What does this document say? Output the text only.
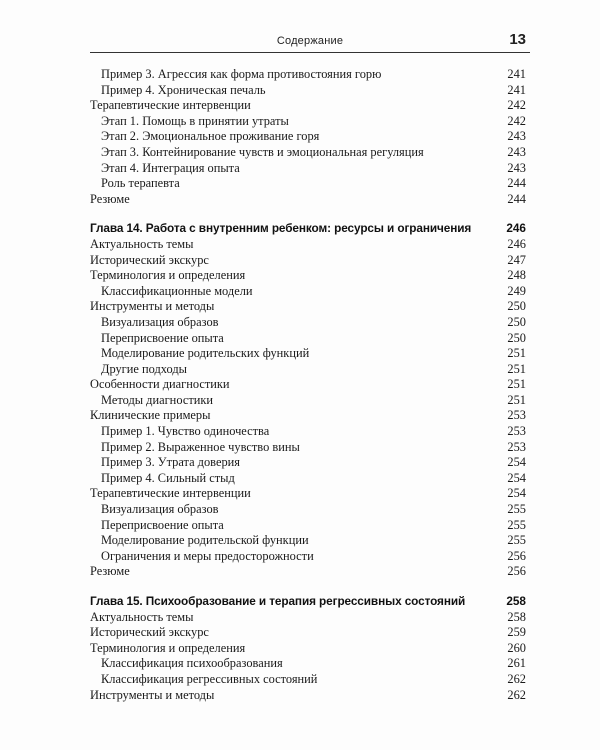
Содержание	13
Пример 3. Агрессия как форма противостояния горю	241
Пример 4. Хроническая печаль	241
Терапевтические интервенции	242
Этап 1. Помощь в принятии утраты	242
Этап 2. Эмоциональное проживание горя	243
Этап 3. Контейнирование чувств и эмоциональная регуляция	243
Этап 4. Интеграция опыта	243
Роль терапевта	244
Резюме	244
Глава 14. Работа с внутренним ребенком: ресурсы и ограничения	246
Актуальность темы	246
Исторический экскурс	247
Терминология и определения	248
Классификационные модели	249
Инструменты и методы	250
Визуализация образов	250
Переприсвоение опыта	250
Моделирование родительских функций	251
Другие подходы	251
Особенности диагностики	251
Методы диагностики	251
Клинические примеры	253
Пример 1. Чувство одиночества	253
Пример 2. Выраженное чувство вины	253
Пример 3. Утрата доверия	254
Пример 4. Сильный стыд	254
Терапевтические интервенции	254
Визуализация образов	255
Переприсвоение опыта	255
Моделирование родительской функции	255
Ограничения и меры предосторожности	256
Резюме	256
Глава 15. Психообразование и терапия регрессивных состояний	258
Актуальность темы	258
Исторический экскурс	259
Терминология и определения	260
Классификация психообразования	261
Классификация регрессивных состояний	262
Инструменты и методы	262
